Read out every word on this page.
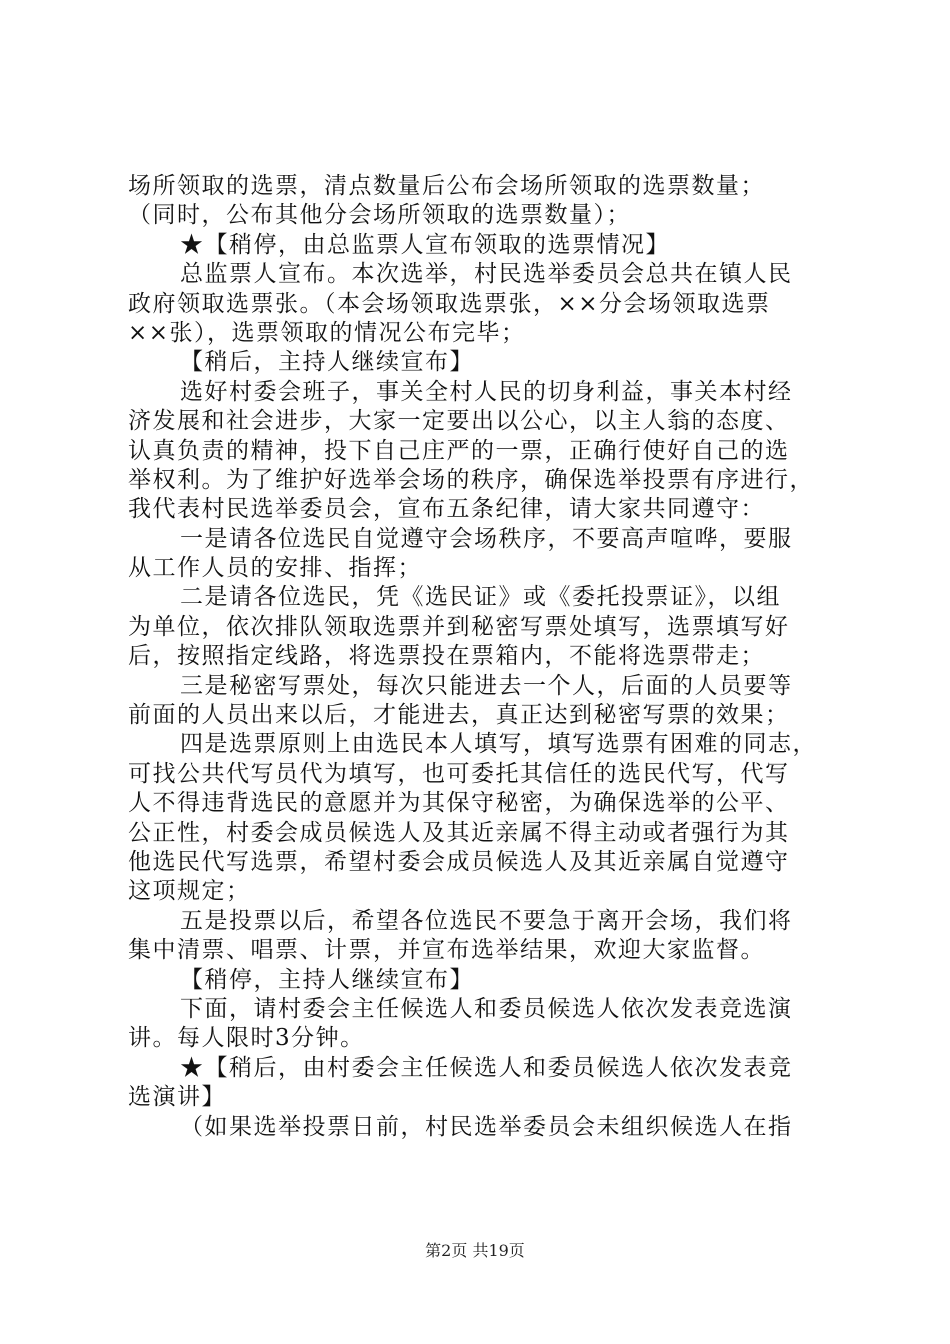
场所领取的选票，清点数量后公布会场所领取的选票数量；
（同时，公布其他分会场所领取的选票数量）；
★【稍停，由总监票人宣布领取的选票情况】
总监票人宣布。本次选举，村民选举委员会总共在镇人民
政府领取选票张。（本会场领取选票张，××分会场领取选票
××张），选票领取的情况公布完毕；
【稍后，主持人继续宣布】
选好村委会班子，事关全村人民的切身利益，事关本村经
济发展和社会进步，大家一定要出以公心，以主人翁的态度、
认真负责的精神，投下自己庄严的一票，正确行使好自己的选
举权利。为了维护好选举会场的秩序，确保选举投票有序进行，
我代表村民选举委员会，宣布五条纪律，请大家共同遵守：
一是请各位选民自觉遵守会场秩序，不要高声喧哗，要服
从工作人员的安排、指挥；
二是请各位选民，凭《选民证》或《委托投票证》，以组
为单位，依次排队领取选票并到秘密写票处填写，选票填写好
后，按照指定线路，将选票投在票箱内，不能将选票带走；
三是秘密写票处，每次只能进去一个人，后面的人员要等
前面的人员出来以后，才能进去，真正达到秘密写票的效果；
四是选票原则上由选民本人填写，填写选票有困难的同志，
可找公共代写员代为填写，也可委托其信任的选民代写，代写
人不得违背选民的意愿并为其保守秘密，为确保选举的公平、
公正性，村委会成员候选人及其近亲属不得主动或者强行为其
他选民代写选票，希望村委会成员候选人及其近亲属自觉遵守
这项规定；
五是投票以后，希望各位选民不要急于离开会场，我们将
集中清票、唱票、计票，并宣布选举结果，欢迎大家监督。
【稍停，主持人继续宣布】
下面，请村委会主任候选人和委员候选人依次发表竞选演
讲。每人限时3分钟。
★【稍后，由村委会主任候选人和委员候选人依次发表竞
选演讲】
（如果选举投票日前，村民选举委员会未组织候选人在指
第2页 共19页
